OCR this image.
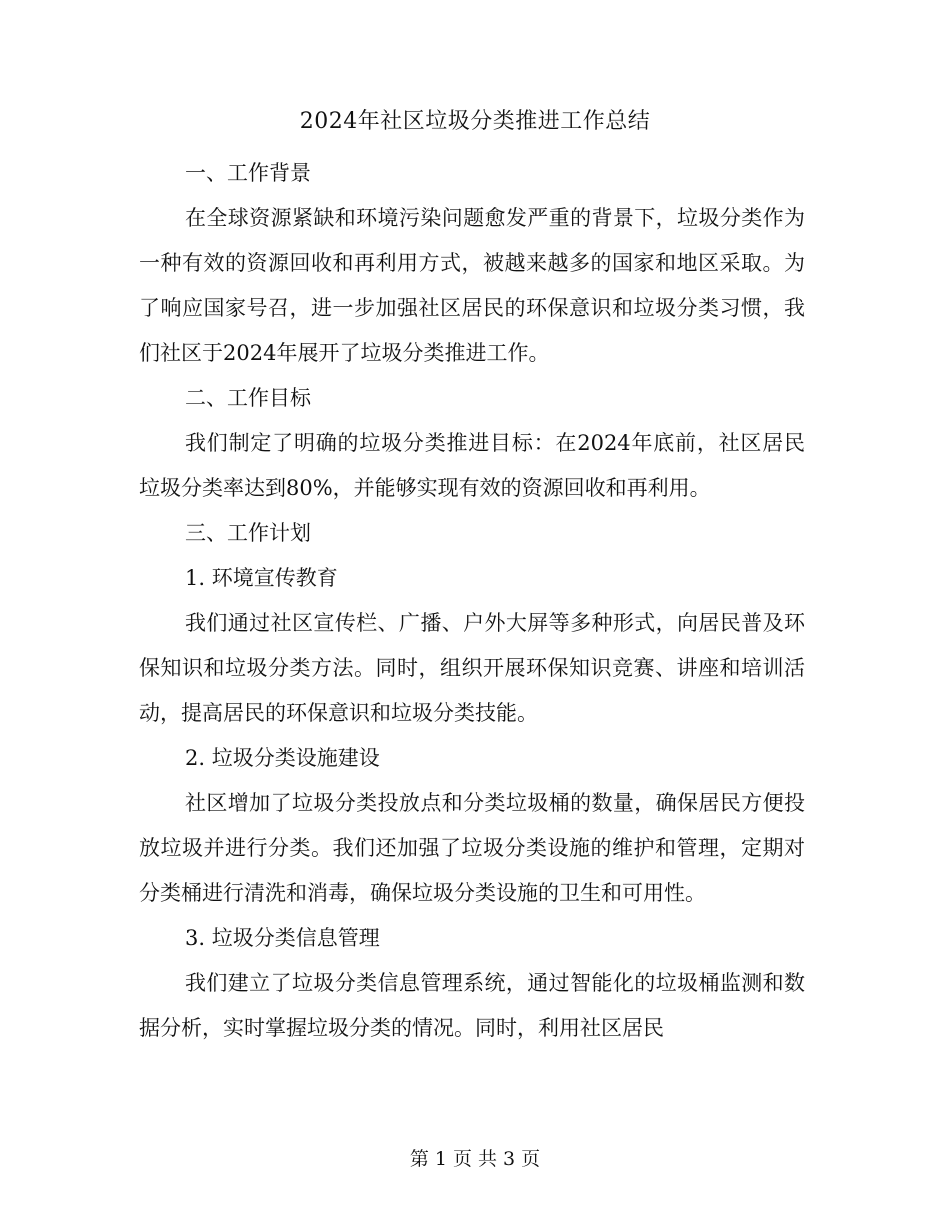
2024年社区垃圾分类推进工作总结

一、工作背景

在全球资源紧缺和环境污染问题愈发严重的背景下，垃圾分类作为一种有效的资源回收和再利用方式，被越来越多的国家和地区采取。为了响应国家号召，进一步加强社区居民的环保意识和垃圾分类习惯，我们社区于2024年展开了垃圾分类推进工作。

二、工作目标

我们制定了明确的垃圾分类推进目标：在2024年底前，社区居民垃圾分类率达到80%，并能够实现有效的资源回收和再利用。

三、工作计划

1. 环境宣传教育

我们通过社区宣传栏、广播、户外大屏等多种形式，向居民普及环保知识和垃圾分类方法。同时，组织开展环保知识竞赛、讲座和培训活动，提高居民的环保意识和垃圾分类技能。

2. 垃圾分类设施建设

社区增加了垃圾分类投放点和分类垃圾桶的数量，确保居民方便投放垃圾并进行分类。我们还加强了垃圾分类设施的维护和管理，定期对分类桶进行清洗和消毒，确保垃圾分类设施的卫生和可用性。

3. 垃圾分类信息管理

我们建立了垃圾分类信息管理系统，通过智能化的垃圾桶监测和数据分析，实时掌握垃圾分类的情况。同时，利用社区居民

第 1 页 共 3 页
